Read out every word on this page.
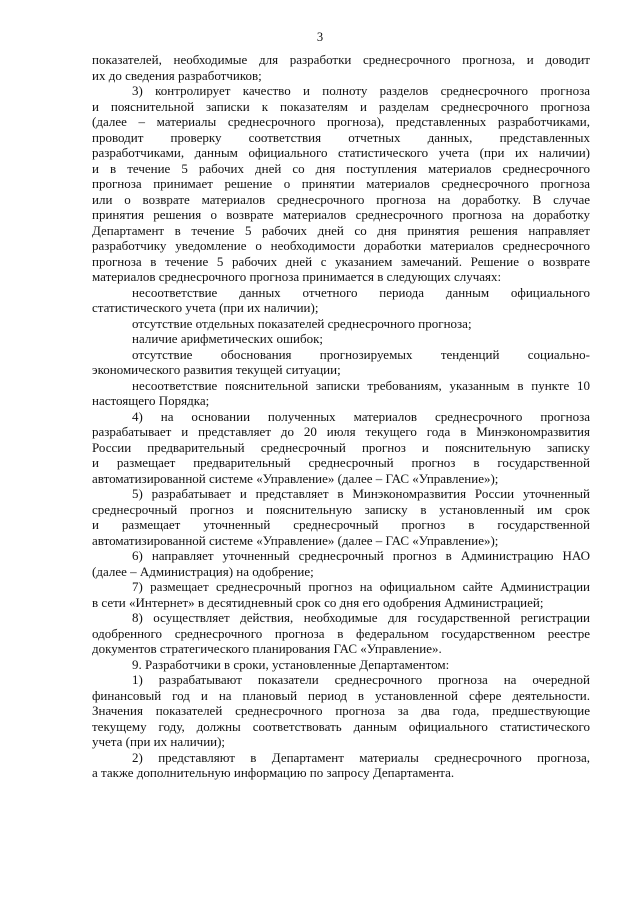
3
показателей, необходимые для разработки среднесрочного прогноза, и доводит
их до сведения разработчиков;
3) контролирует качество и полноту разделов среднесрочного прогноза
и пояснительной записки к показателям и разделам среднесрочного прогноза
(далее – материалы среднесрочного прогноза), представленных разработчиками,
проводит проверку соответствия отчетных данных, представленных
разработчиками, данным официального статистического учета (при их наличии)
и в течение 5 рабочих дней со дня поступления материалов среднесрочного
прогноза принимает решение о принятии материалов среднесрочного прогноза
или о возврате материалов среднесрочного прогноза на доработку. В случае
принятия решения о возврате материалов среднесрочного прогноза на доработку
Департамент в течение 5 рабочих дней со дня принятия решения направляет
разработчику уведомление о необходимости доработки материалов среднесрочного
прогноза в течение 5 рабочих дней с указанием замечаний. Решение о возврате
материалов среднесрочного прогноза принимается в следующих случаях:
несоответствие данных отчетного периода данным официального
статистического учета (при их наличии);
отсутствие отдельных показателей среднесрочного прогноза;
наличие арифметических ошибок;
отсутствие обоснования прогнозируемых тенденций социально-
экономического развития текущей ситуации;
несоответствие пояснительной записки требованиям, указанным в пункте 10
настоящего Порядка;
4) на основании полученных материалов среднесрочного прогноза
разрабатывает и представляет до 20 июля текущего года в Минэкономразвития
России предварительный среднесрочный прогноз и пояснительную записку
и размещает предварительный среднесрочный прогноз в государственной
автоматизированной системе «Управление» (далее – ГАС «Управление»);
5) разрабатывает и представляет в Минэкономразвития России уточненный
среднесрочный прогноз и пояснительную записку в установленный им срок
и размещает уточненный среднесрочный прогноз в государственной
автоматизированной системе «Управление» (далее – ГАС «Управление»);
6) направляет уточненный среднесрочный прогноз в Администрацию НАО
(далее – Администрация) на одобрение;
7) размещает среднесрочный прогноз на официальном сайте Администрации
в сети «Интернет» в десятидневный срок со дня его одобрения Администрацией;
8) осуществляет действия, необходимые для государственной регистрации
одобренного среднесрочного прогноза в федеральном государственном реестре
документов стратегического планирования ГАС «Управление».
9. Разработчики в сроки, установленные Департаментом:
1) разрабатывают показатели среднесрочного прогноза на очередной
финансовый год и на плановый период в установленной сфере деятельности.
Значения показателей среднесрочного прогноза за два года, предшествующие
текущему году, должны соответствовать данным официального статистического
учета (при их наличии);
2) представляют в Департамент материалы среднесрочного прогноза,
а также дополнительную информацию по запросу Департамента.
